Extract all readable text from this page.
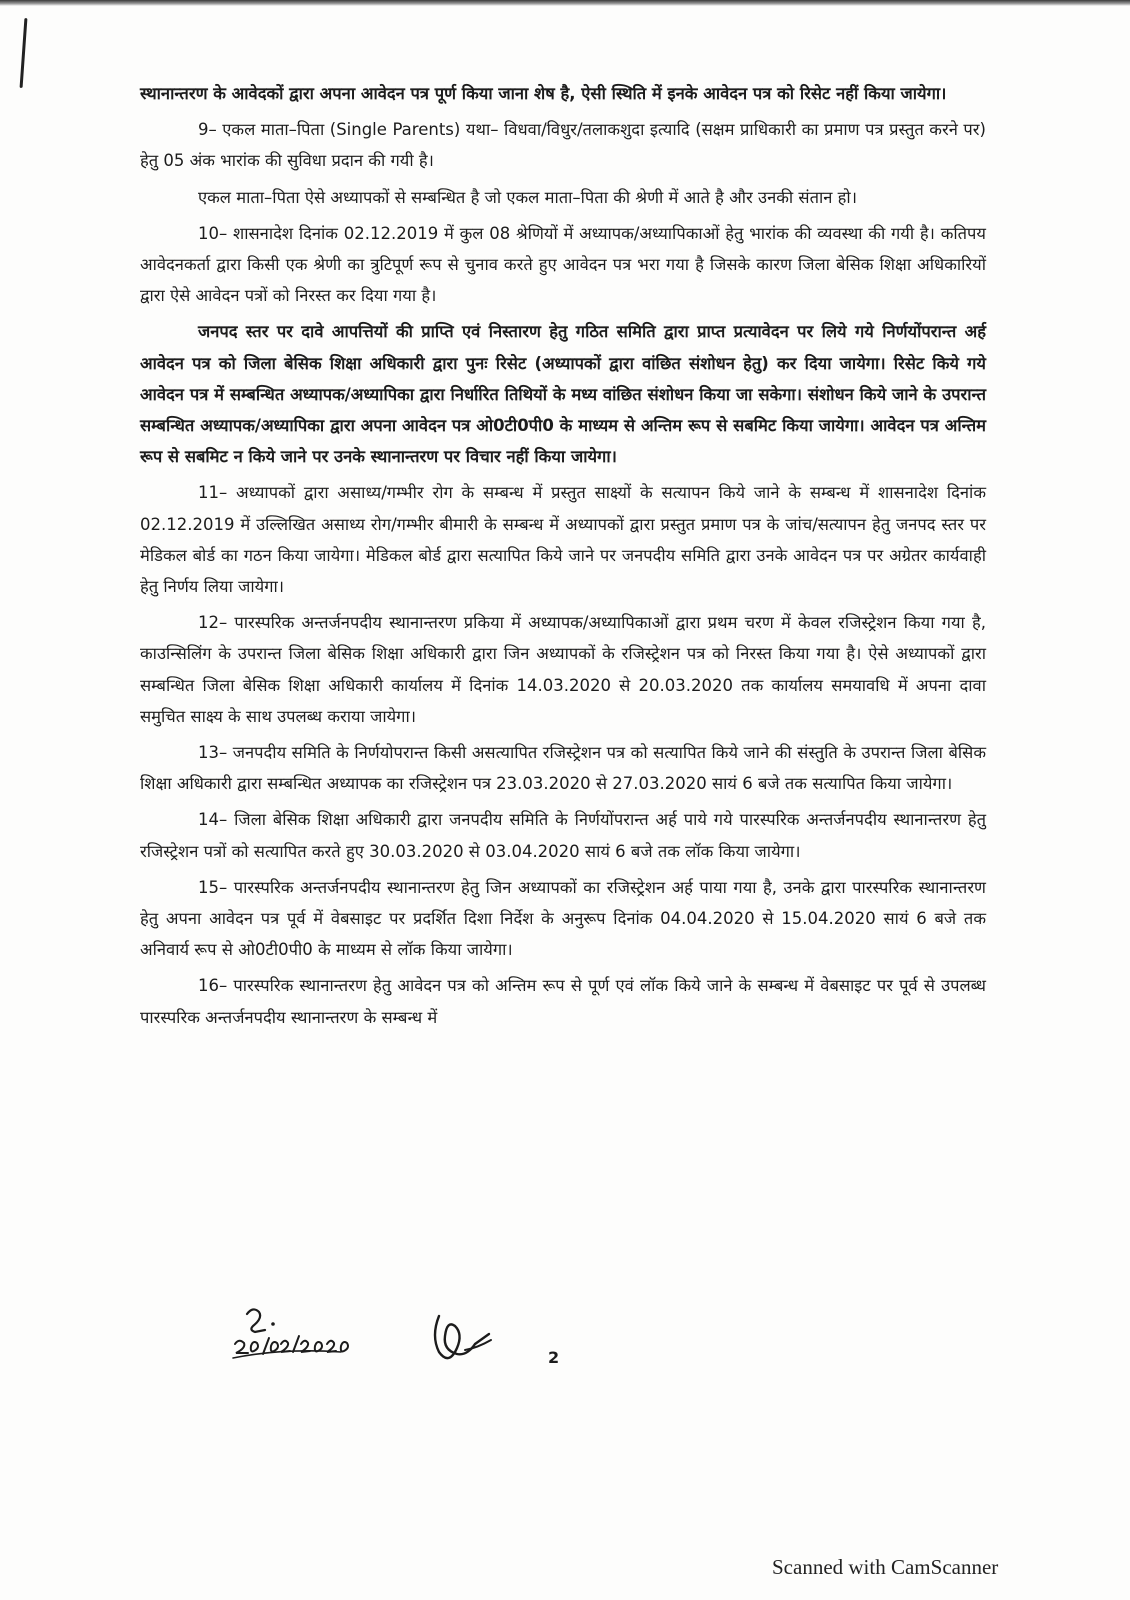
स्थानान्तरण के आवेदकों द्वारा अपना आवेदन पत्र पूर्ण किया जाना शेष है, ऐसी स्थिति में इनके आवेदन पत्र को रिसेट नहीं किया जायेगा।

9– एकल माता–पिता (Single Parents) यथा– विधवा/विधुर/तलाकशुदा इत्यादि (सक्षम प्राधिकारी का प्रमाण पत्र प्रस्तुत करने पर) हेतु 05 अंक भारांक की सुविधा प्रदान की गयी है।

एकल माता–पिता ऐसे अध्यापकों से सम्बन्धित है जो एकल माता–पिता की श्रेणी में आते है और उनकी संतान हो।

10– शासनादेश दिनांक 02.12.2019 में कुल 08 श्रेणियों में अध्यापक/अध्यापिकाओं हेतु भारांक की व्यवस्था की गयी है। कतिपय आवेदनकर्ता द्वारा किसी एक श्रेणी का त्रुटिपूर्ण रूप से चुनाव करते हुए आवेदन पत्र भरा गया है जिसके कारण जिला बेसिक शिक्षा अधिकारियों द्वारा ऐसे आवेदन पत्रों को निरस्त कर दिया गया है।

जनपद स्तर पर दावे आपत्तियों की प्राप्ति एवं निस्तारण हेतु गठित समिति द्वारा प्राप्त प्रत्यावेदन पर लिये गये निर्णयोंपरान्त अर्ह आवेदन पत्र को जिला बेसिक शिक्षा अधिकारी द्वारा पुनः रिसेट (अध्यापकों द्वारा वांछित संशोधन हेतु) कर दिया जायेगा। रिसेट किये गये आवेदन पत्र में सम्बन्धित अध्यापक/अध्यापिका द्वारा निर्धारित तिथियों के मध्य वांछित संशोधन किया जा सकेगा। संशोधन किये जाने के उपरान्त सम्बन्धित अध्यापक/अध्यापिका द्वारा अपना आवेदन पत्र ओ0टी0पी0 के माध्यम से अन्तिम रूप से सबमिट किया जायेगा। आवेदन पत्र अन्तिम रूप से सबमिट न किये जाने पर उनके स्थानान्तरण पर विचार नहीं किया जायेगा।

11– अध्यापकों द्वारा असाध्य/गम्भीर रोग के सम्बन्ध में प्रस्तुत साक्ष्यों के सत्यापन किये जाने के सम्बन्ध में शासनादेश दिनांक 02.12.2019 में उल्लिखित असाध्य रोग/गम्भीर बीमारी के सम्बन्ध में अध्यापकों द्वारा प्रस्तुत प्रमाण पत्र के जांच/सत्यापन हेतु जनपद स्तर पर मेडिकल बोर्ड का गठन किया जायेगा। मेडिकल बोर्ड द्वारा सत्यापित किये जाने पर जनपदीय समिति द्वारा उनके आवेदन पत्र पर अग्रेतर कार्यवाही हेतु निर्णय लिया जायेगा।

12– पारस्परिक अन्तर्जनपदीय स्थानान्तरण प्रकिया में अध्यापक/अध्यापिकाओं द्वारा प्रथम चरण में केवल रजिस्ट्रेशन किया गया है, काउन्सिलिंग के उपरान्त जिला बेसिक शिक्षा अधिकारी द्वारा जिन अध्यापकों के रजिस्ट्रेशन पत्र को निरस्त किया गया है। ऐसे अध्यापकों द्वारा सम्बन्धित जिला बेसिक शिक्षा अधिकारी कार्यालय में दिनांक 14.03.2020 से 20.03.2020 तक कार्यालय समयावधि में अपना दावा समुचित साक्ष्य के साथ उपलब्ध कराया जायेगा।

13– जनपदीय समिति के निर्णयोपरान्त किसी असत्यापित रजिस्ट्रेशन पत्र को सत्यापित किये जाने की संस्तुति के उपरान्त जिला बेसिक शिक्षा अधिकारी द्वारा सम्बन्धित अध्यापक का रजिस्ट्रेशन पत्र 23.03.2020 से 27.03.2020 सायं 6 बजे तक सत्यापित किया जायेगा।

14– जिला बेसिक शिक्षा अधिकारी द्वारा जनपदीय समिति के निर्णयोंपरान्त अर्ह पाये गये पारस्परिक अन्तर्जनपदीय स्थानान्तरण हेतु रजिस्ट्रेशन पत्रों को सत्यापित करते हुए 30.03.2020 से 03.04.2020 सायं 6 बजे तक लॉक किया जायेगा।

15– पारस्परिक अन्तर्जनपदीय स्थानान्तरण हेतु जिन अध्यापकों का रजिस्ट्रेशन अर्ह पाया गया है, उनके द्वारा पारस्परिक स्थानान्तरण हेतु अपना आवेदन पत्र पूर्व में वेबसाइट पर प्रदर्शित दिशा निर्देश के अनुरूप दिनांक 04.04.2020 से 15.04.2020 सायं 6 बजे तक अनिवार्य रूप से ओ0टी0पी0 के माध्यम से लॉक किया जायेगा।

16– पारस्परिक स्थानान्तरण हेतु आवेदन पत्र को अन्तिम रूप से पूर्ण एवं लॉक किये जाने के सम्बन्ध में वेबसाइट पर पूर्व से उपलब्ध पारस्परिक अन्तर्जनपदीय स्थानान्तरण के सम्बन्ध में

2
Scanned with CamScanner
